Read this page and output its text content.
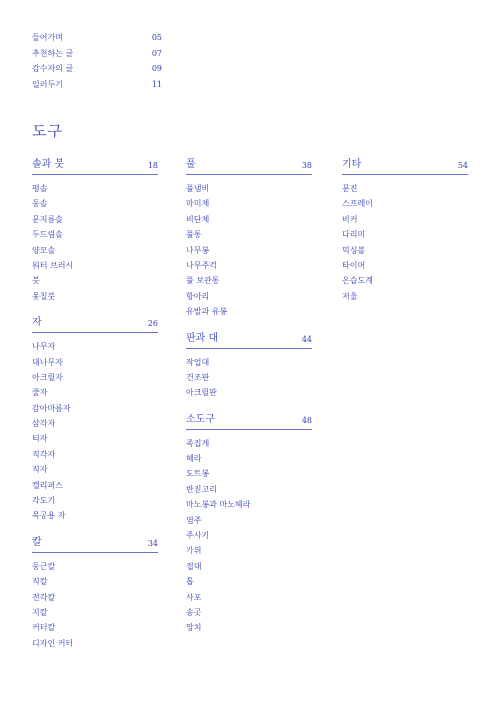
들어가며	05
추천하는 글	07
감수자의 글	09
일러두기	11
도구
솔과 붓	18
평솔
둥솔
문지름솔
두드림솔
양모솔
워터 브러시
붓
옻칠붓
자	26
나무자
대나무자
아크릴자
줄자
감아마름자
삼각자
티자
직각자
직자
캘리퍼스
각도기
목공용 자
칼	34
둥근칼
직칼
전각칼
지칼
커터칼
디자인 커터
풀	38
풀냄비
마미체
비단체
풀통
나무봉
나무주걱
풀 보관통
항아리
유발과 유봉
판과 대	44
작업대
건조판
아크릴판
소도구	48
족집게
헤라
도트봉
반짇고리
마노봉과 마노헤라
염주
주사기
가위
접대
톱
사포
송곳
망치
기타	54
문진
스프레이
비커
다리미
믹싱볼
타이머
온습도계
저울
